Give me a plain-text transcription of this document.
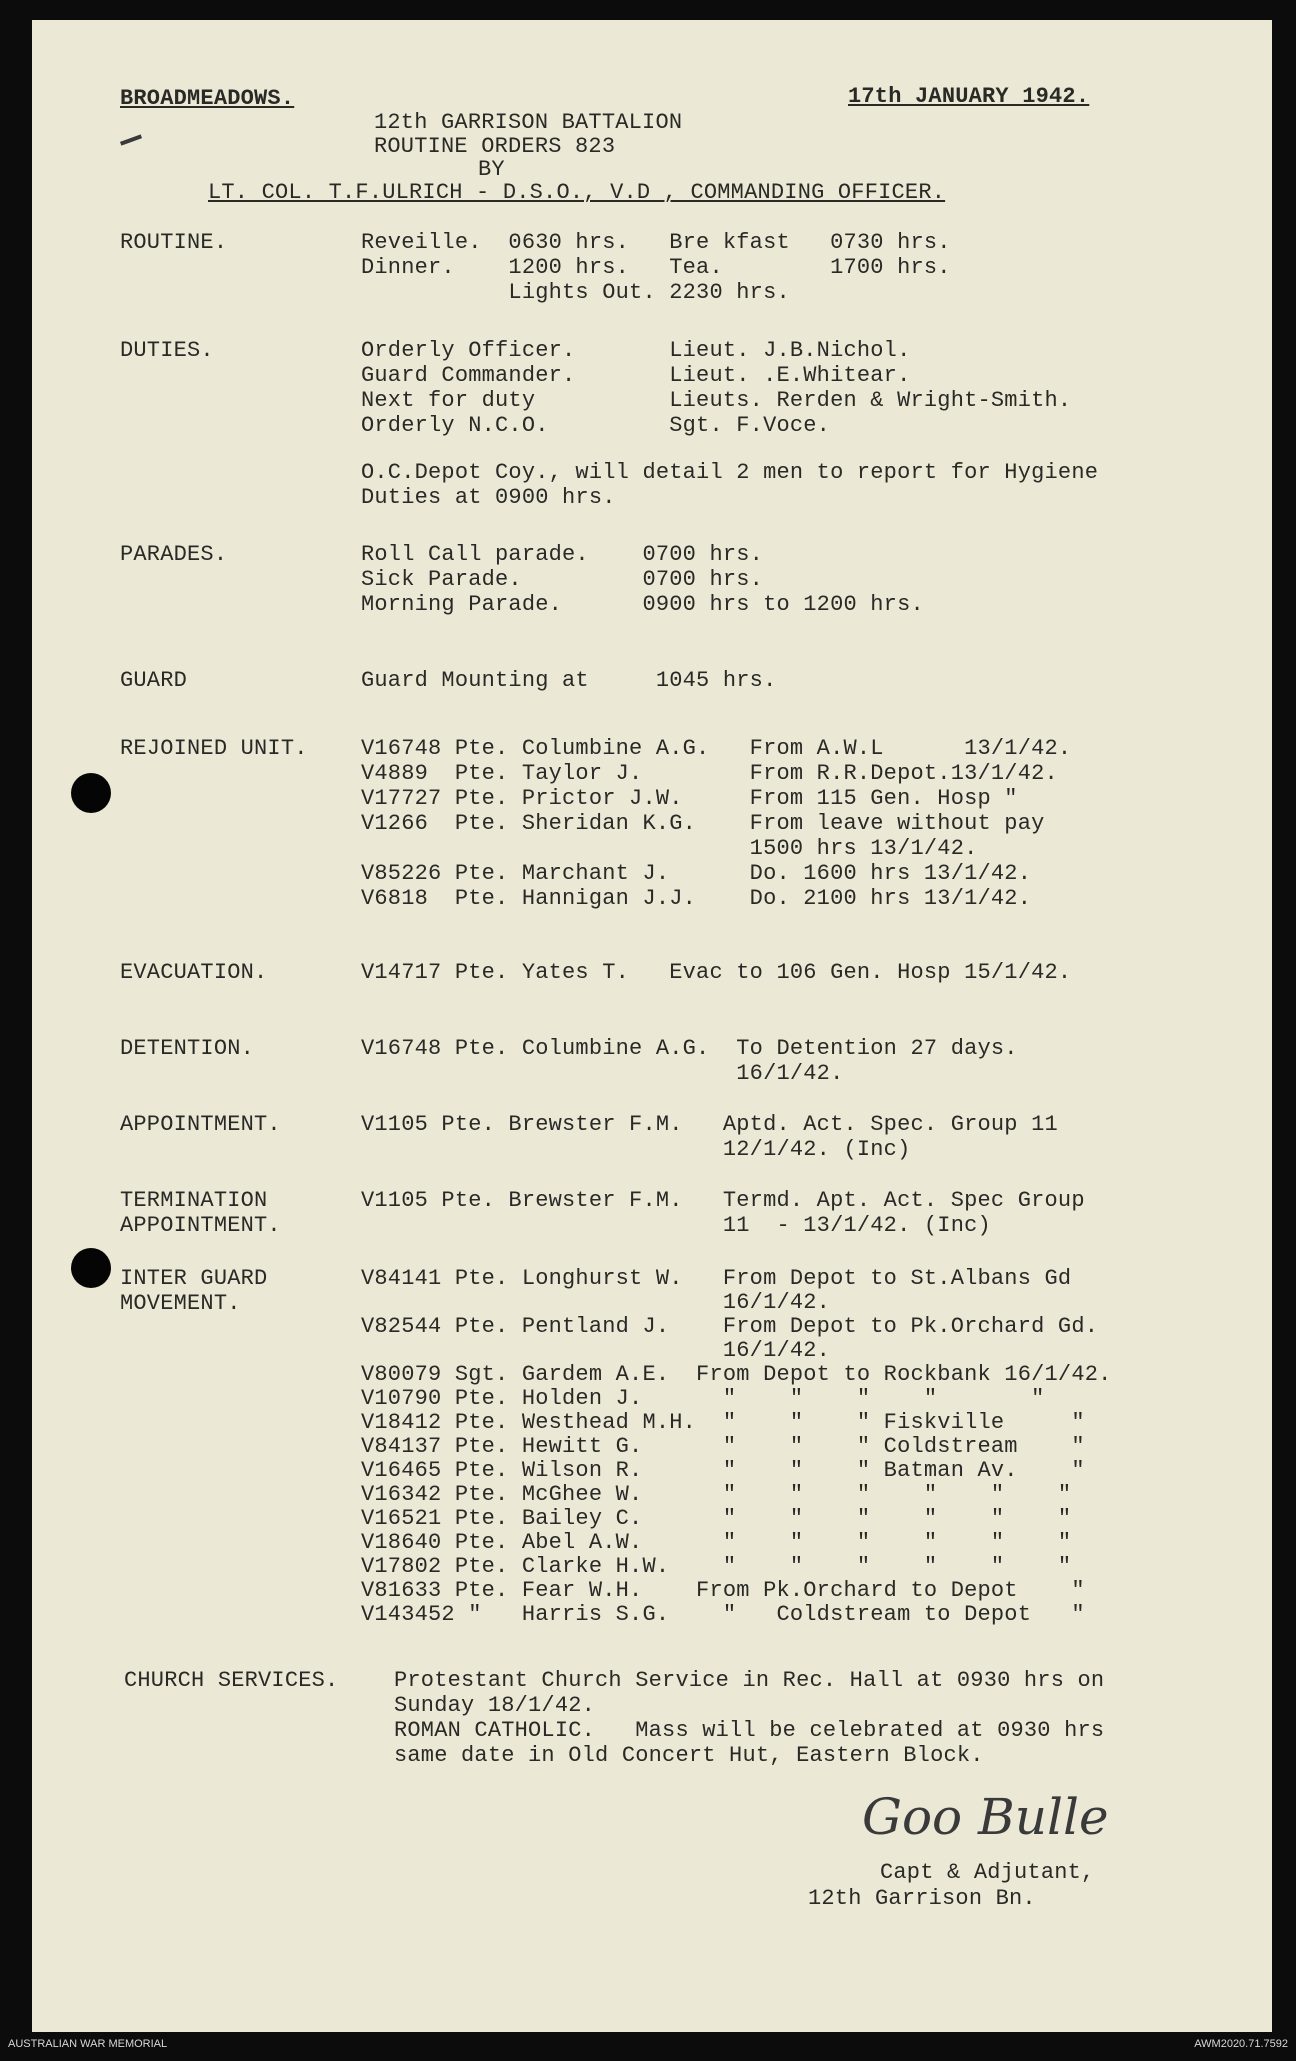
BROADMEADOWS.	17th JANUARY 1942.
12th GARRISON BATTALION
ROUTINE ORDERS 823
BY
LT. COL. T.F.ULRICH - D.S.O., V.D , COMMANDING OFFICER.
ROUTINE.	Reveille.  0630 hrs.   Bre kfast   0730 hrs.
Dinner.    1200 hrs.   Tea.        1700 hrs.
Lights Out. 2230 hrs.
DUTIES.	Orderly Officer.       Lieut. J.B.Nichol.
Guard Commander.       Lieut. .E.Whitear.
Next for duty          Lieuts. Rerden & Wright-Smith.
Orderly N.C.O.         Sgt. F.Voce.
O.C.Depot Coy., will detail 2 men to report for Hygiene
Duties at 0900 hrs.
PARADES.	Roll Call parade.    0700 hrs.
Sick Parade.         0700 hrs.
Morning Parade.      0900 hrs to 1200 hrs.
GUARD	Guard Mounting at     1045 hrs.
REJOINED UNIT. V16748 Pte. Columbine A.G.   From A.W.L      13/1/42.
V4889  Pte. Taylor J.        From R.R.Depot.13/1/42.
V17727 Pte. Prictor J.W.     From 115 Gen. Hosp "
V1266  Pte. Sheridan K.G.    From leave without pay
1500 hrs 13/1/42.
V85226 Pte. Marchant J.      Do. 1600 hrs 13/1/42.
V6818  Pte. Hannigan J.J.    Do. 2100 hrs 13/1/42.
EVACUATION.	V14717 Pte. Yates T.   Evac to 106 Gen. Hosp 15/1/42.
DETENTION.	V16748 Pte. Columbine A.G.  To Detention 27 days.
16/1/42.
APPOINTMENT.	V1105 Pte. Brewster F.M.   Aptd. Act. Spec. Group 11
12/1/42. (Inc)
TERMINATION
APPOINTMENT.
V1105 Pte. Brewster F.M.   Termd. Apt. Act. Spec Group
11  - 13/1/42. (Inc)
INTER GUARD
MOVEMENT.
V84141 Pte. Longhurst W.   From Depot to St.Albans Gd
16/1/42.
V82544 Pte. Pentland J.    From Depot to Pk.Orchard Gd.
16/1/42.
V80079 Sgt. Gardem A.E.  From Depot to Rockbank 16/1/42.
V10790 Pte. Holden J.      "    "    "    "       "
V18412 Pte. Westhead M.H.  "    "    " Fiskville     "
V84137 Pte. Hewitt G.      "    "    " Coldstream    "
V16465 Pte. Wilson R.      "    "    " Batman Av.    "
V16342 Pte. McGhee W.      "    "    "    "    "    "
V16521 Pte. Bailey C.      "    "    "    "    "    "
V18640 Pte. Abel A.W.      "    "    "    "    "    "
V17802 Pte. Clarke H.W.    "    "    "    "    "    "
V81633 Pte. Fear W.H.    From Pk.Orchard to Depot    "
V143452 "   Harris S.G.    "   Coldstream to Depot   "
CHURCH SERVICES.	Protestant Church Service in Rec. Hall at 0930 hrs on
Sunday 18/1/42.
ROMAN CATHOLIC.   Mass will be celebrated at 0930 hrs
same date in Old Concert Hut, Eastern Block.
Goo Bulle
Capt & Adjutant,
12th Garrison Bn.
AUSTRALIAN WAR MEMORIAL	AWM2020.71.7592
